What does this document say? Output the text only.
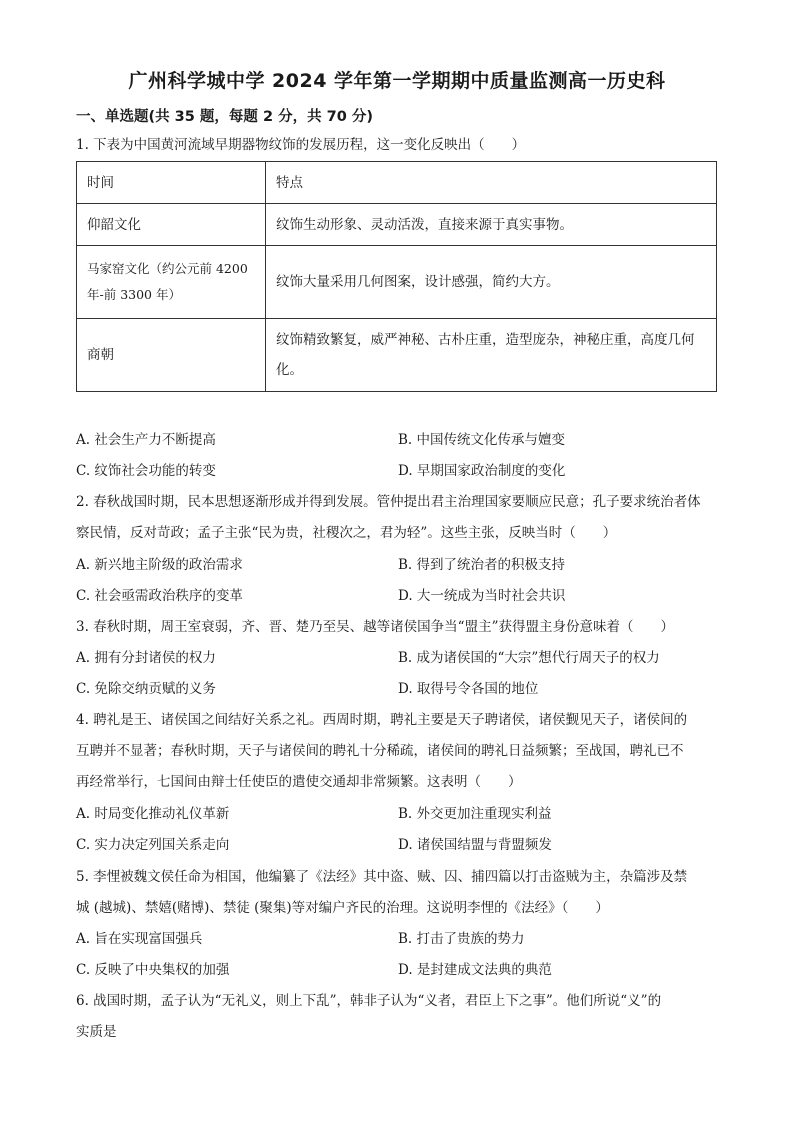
广州科学城中学 2024 学年第一学期期中质量监测高一历史科
一、单选题(共 35 题，每题 2 分，共 70 分)
1. 下表为中国黄河流域早期器物纹饰的发展历程，这一变化反映出（　　）
时间	特点
仰韶文化	纹饰生动形象、灵动活泼，直接来源于真实事物。

马家窑文化（约公元前 4200
年-前 3300 年）	纹饰大量采用几何图案，设计感强，简约大方。
商朝	纹饰精致繁复，威严神秘、古朴庄重，造型庞杂，神秘庄重，高度几何
化。
A. 社会生产力不断提高	B. 中国传统文化传承与嬗变
C. 纹饰社会功能的转变	D. 早期国家政治制度的变化
2. 春秋战国时期，民本思想逐渐形成并得到发展。管仲提出君主治理国家要顺应民意；孔子要求统治者体
察民情，反对苛政；孟子主张“民为贵，社稷次之，君为轻”。这些主张，反映当时（　　）
A. 新兴地主阶级的政治需求	B. 得到了统治者的积极支持
C. 社会亟需政治秩序的变革	D. 大一统成为当时社会共识
3. 春秋时期，周王室衰弱，齐、晋、楚乃至吴、越等诸侯国争当“盟主”获得盟主身份意味着（　　）
A. 拥有分封诸侯的权力	B. 成为诸侯国的“大宗”想代行周天子的权力
C. 免除交纳贡赋的义务	D. 取得号令各国的地位
4. 聘礼是王、诸侯国之间结好关系之礼。西周时期，聘礼主要是天子聘诸侯，诸侯觐见天子，诸侯间的
互聘并不显著；春秋时期，天子与诸侯间的聘礼十分稀疏，诸侯间的聘礼日益频繁；至战国，聘礼已不
再经常举行，七国间由辩士任使臣的遣使交通却非常频繁。这表明（　　）
A. 时局变化推动礼仪革新	B. 外交更加注重现实利益
C. 实力决定列国关系走向	D. 诸侯国结盟与背盟频发
5. 李悝被魏文侯任命为相国，他编纂了《法经》其中盗、贼、囚、捕四篇以打击盗贼为主，杂篇涉及禁
城 (越城)、禁嬉(赌博)、禁徒 (聚集)等对编户齐民的治理。这说明李悝的《法经》（　　）
A. 旨在实现富国强兵	B. 打击了贵族的势力
C. 反映了中央集权的加强	D. 是封建成文法典的典范
6. 战国时期，孟子认为“无礼义，则上下乱”，韩非子认为“义者，君臣上下之事”。他们所说“义”的
实质是
